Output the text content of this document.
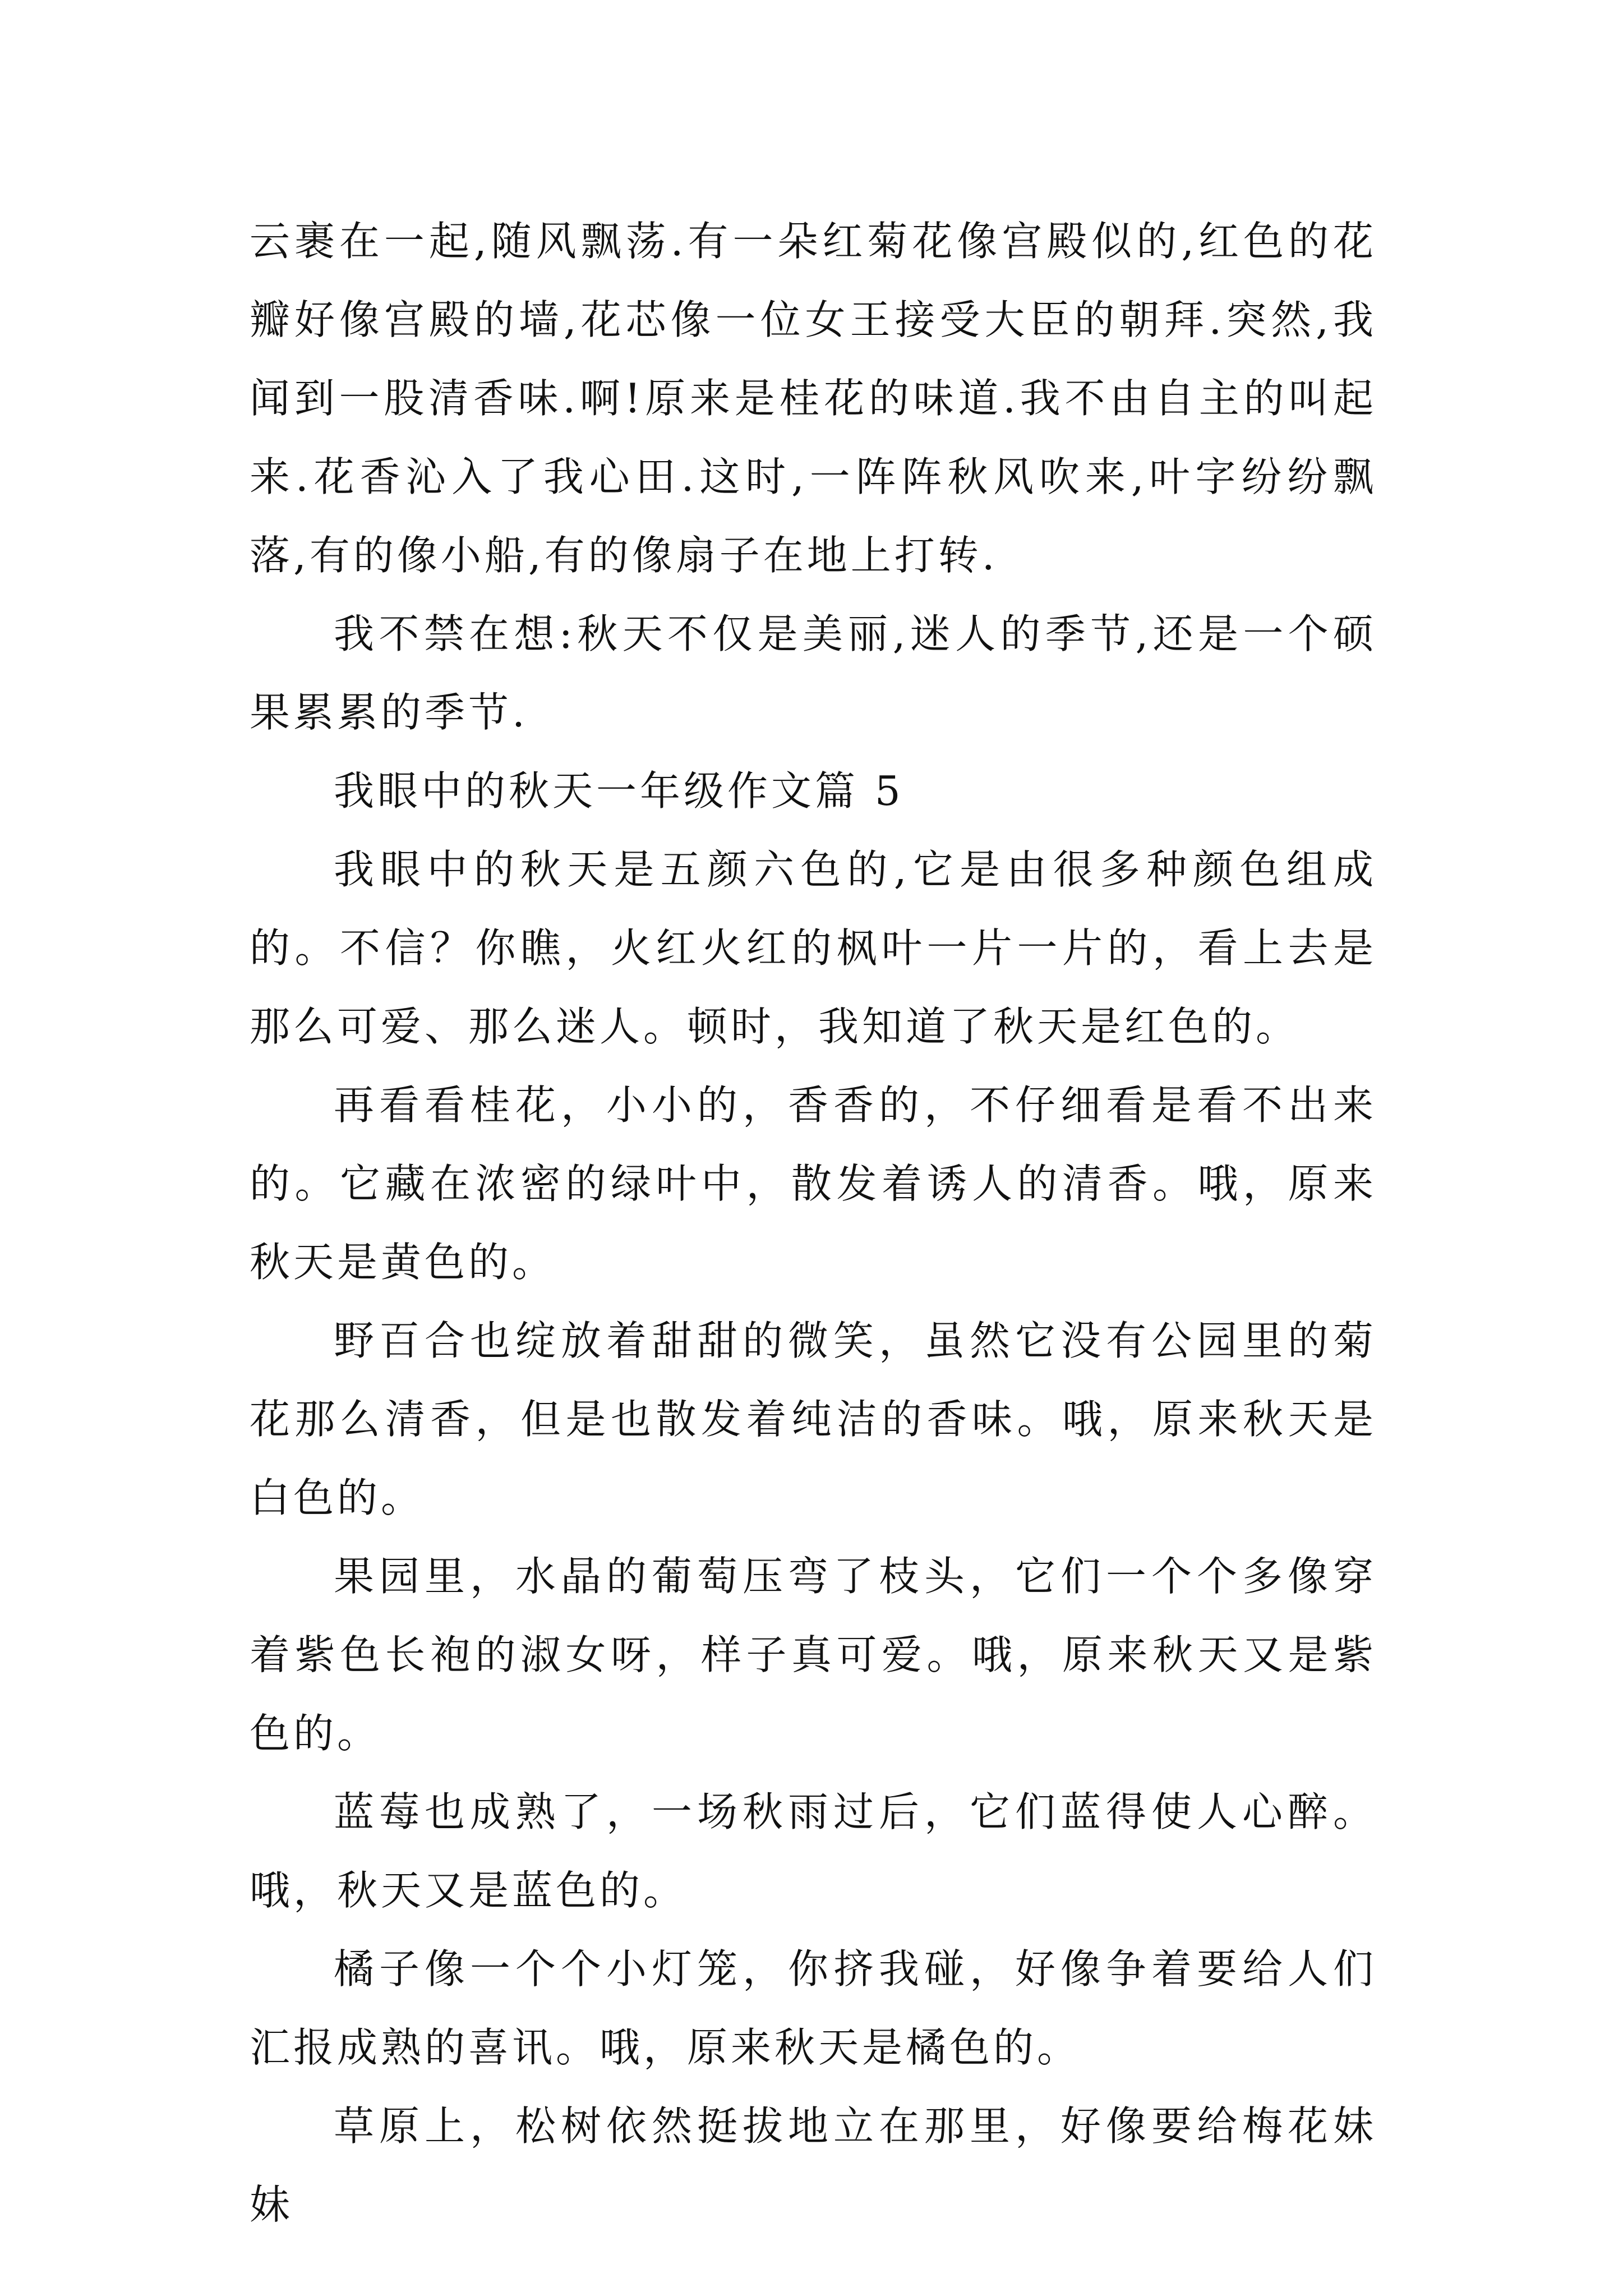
云裹在一起,随风飘荡.有一朵红菊花像宫殿似的,红色的花瓣好像宫殿的墙,花芯像一位女王接受大臣的朝拜.突然,我闻到一股清香味.啊!原来是桂花的味道.我不由自主的叫起来.花香沁入了我心田.这时,一阵阵秋风吹来,叶字纷纷飘落,有的像小船,有的像扇子在地上打转.

我不禁在想:秋天不仅是美丽,迷人的季节,还是一个硕果累累的季节.

我眼中的秋天一年级作文篇 5

我眼中的秋天是五颜六色的,它是由很多种颜色组成的。不信？你瞧，火红火红的枫叶一片一片的，看上去是那么可爱、那么迷人。顿时，我知道了秋天是红色的。

再看看桂花，小小的，香香的，不仔细看是看不出来的。它藏在浓密的绿叶中，散发着诱人的清香。哦，原来秋天是黄色的。

野百合也绽放着甜甜的微笑，虽然它没有公园里的菊花那么清香，但是也散发着纯洁的香味。哦，原来秋天是白色的。

果园里，水晶的葡萄压弯了枝头，它们一个个多像穿着紫色长袍的淑女呀，样子真可爱。哦，原来秋天又是紫色的。

蓝莓也成熟了，一场秋雨过后，它们蓝得使人心醉。哦，秋天又是蓝色的。

橘子像一个个小灯笼，你挤我碰，好像争着要给人们汇报成熟的喜讯。哦，原来秋天是橘色的。

草原上，松树依然挺拔地立在那里，好像要给梅花妹妹
